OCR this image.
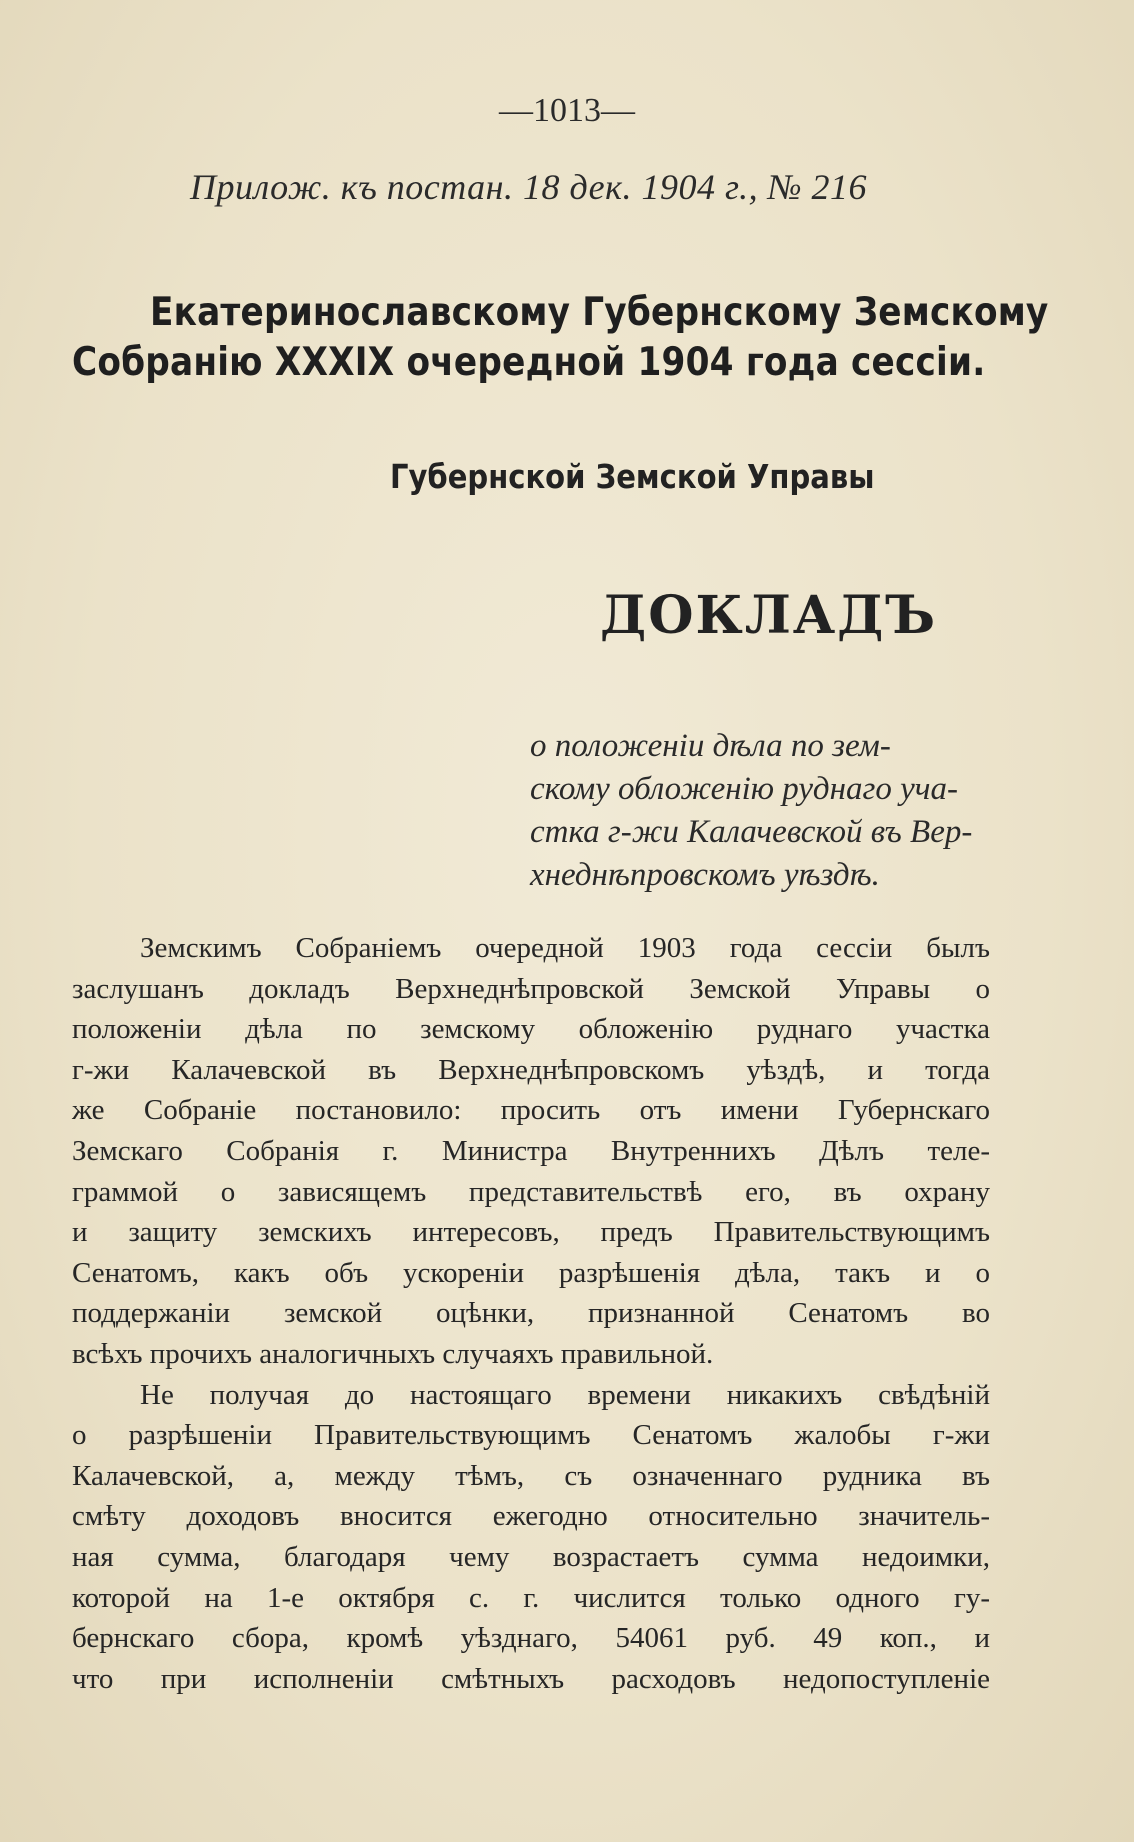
—1013—
Прилож. къ постан. 18 дек. 1904 г., № 216
Екатеринославскому Губернскому Земскому
Собранію XXXIX очередной 1904 года сессіи.
Губернской Земской Управы
ДОКЛАДЪ
о положеніи дѣла по зем-
скому обложенію руднаго уча-
стка г-жи Калачевской въ Вер-
хнеднѣпровскомъ уѣздѣ.
Земскимъ Собраніемъ очередной 1903 года сессіи былъ
заслушанъ докладъ Верхнеднѣпровской Земской Управы о
положеніи дѣла по земскому обложенію руднаго участка
г-жи Калачевской въ Верхнеднѣпровскомъ уѣздѣ, и тогда
же Собраніе постановило: просить отъ имени Губернскаго
Земскаго Собранія г. Министра Внутреннихъ Дѣлъ теле-
граммой о зависящемъ представительствѣ его, въ охрану
и защиту земскихъ интересовъ, предъ Правительствующимъ
Сенатомъ, какъ объ ускореніи разрѣшенія дѣла, такъ и о
поддержаніи земской оцѣнки, признанной Сенатомъ во
всѣхъ прочихъ аналогичныхъ случаяхъ правильной.
Не получая до настоящаго времени никакихъ свѣдѣній
о разрѣшеніи Правительствующимъ Сенатомъ жалобы г-жи
Калачевской, а, между тѣмъ, съ означеннаго рудника въ
смѣту доходовъ вносится ежегодно относительно значитель-
ная сумма, благодаря чему возрастаетъ сумма недоимки,
которой на 1-е октября с. г. числится только одного гу-
бернскаго сбора, кромѣ уѣзднаго, 54061 руб. 49 коп., и
что при исполненіи смѣтныхъ расходовъ недопоступленіе
